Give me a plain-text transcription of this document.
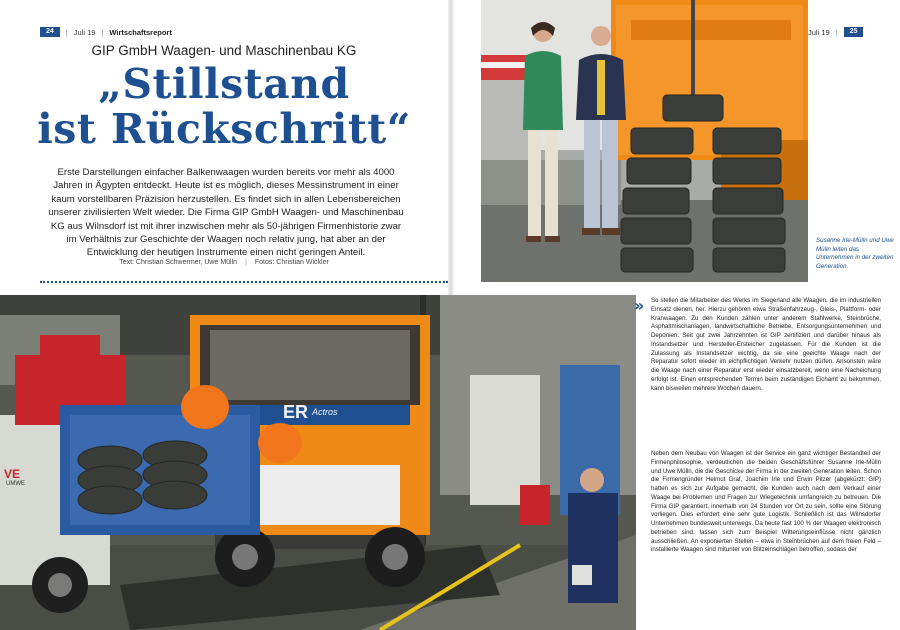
24	| Juli 19 | Wirtschaftsreport	Juli 19 |	25
GIP GmbH Waagen- und Maschinenbau KG
„Stillstand
ist Rückschritt“

Erste Darstellungen einfacher Balkenwaagen wurden bereits vor mehr als 4000 Jahren in Ägypten entdeckt. Heute ist es möglich, dieses Messinstrument in einer kaum vorstellbaren Präzision herzustellen. Es findet sich in allen Lebensbereichen unserer zivilisierten Welt wieder. Die Firma GIP GmbH Waagen- und Maschinenbau KG aus Wilnsdorf ist mit ihrer inzwischen mehr als 50-jährigen Firmenhistorie zwar im Verhältnis zur Geschichte der Waagen noch relativ jung, hat aber an der Entwicklung der heutigen Instrumente einen nicht geringen Anteil.

Text: Christian Schwermer, Uwe Mülln | Fotos: Christian Wickler
Susanne Irle-Mülln und Uwe Mülln leiten das Unternehmen in der zweiten Generation.
ER Actros
VE
UMWE
» So stellen die Mitarbeiter des Werks im Siegerland alle Waagen, die im industriellen Einsatz dienen, her. Hierzu gehören etwa Straßenfahrzeug-, Gleis-, Plattform- oder Kranwaagen. Zu den Kunden zählen unter anderem Stahlwerke, Steinbrüche, Asphaltmischanlagen, landwirtschaftliche Betriebe, Entsorgungsunternehmen und Deponien. Seit gut zwei Jahrzehnten ist GIP zertifiziert und darüber hinaus als Instandsetzer und Hersteller-Ersteicher zugelassen. Für die Kunden ist die Zulassung als Instandsetzer wichtig, da sie eine geeichte Waage nach der Reparatur sofort wieder im eichpflichtigen Verkehr nutzen dürfen. Ansonsten wäre die Waage nach einer Reparatur erst wieder einsatzbereit, wenn eine Nacheichung erfolgt ist. Einen entsprechenden Termin beim zuständigen Eichamt zu bekommen, kann bisweilen mehrere Wochen dauern.

Neben dem Neubau von Waagen ist der Service ein ganz wichtiger Bestandteil der Firmenphilosophie, verdeutlichen die beiden Geschäftsführer Susanne Irle-Mülln und Uwe Mülln, die die Geschicke der Firma in der zweiten Generation leiten. Schon die Firmengründer Helmut Graf, Joachim Irle und Erwin Pitzer (abgekürzt: GIP) hatten es sich zur Aufgabe gemacht, die Kunden auch nach dem Verkauf einer Waage bei Problemen und Fragen zur Wiegetechnik umfangreich zu betreuen. Die Firma GIP garantiert, innerhalb von 24 Stunden vor Ort zu sein, sollte eine Störung vorliegen. Dies erfordert eine sehr gute Logistik. Schließlich ist das Wilnsdorfer Unternehmen bundesweit unterwegs. Da heute fast 100 % der Waagen elektronisch betrieben sind, lassen sich zum Beispiel Witterungseinflüsse nicht gänzlich ausschließen. An exponierten Stellen – etwa in Steinbrüchen auf dem freien Feld – installierte Waagen sind mitunter von Blitzeinschlägen betroffen, sodass der
